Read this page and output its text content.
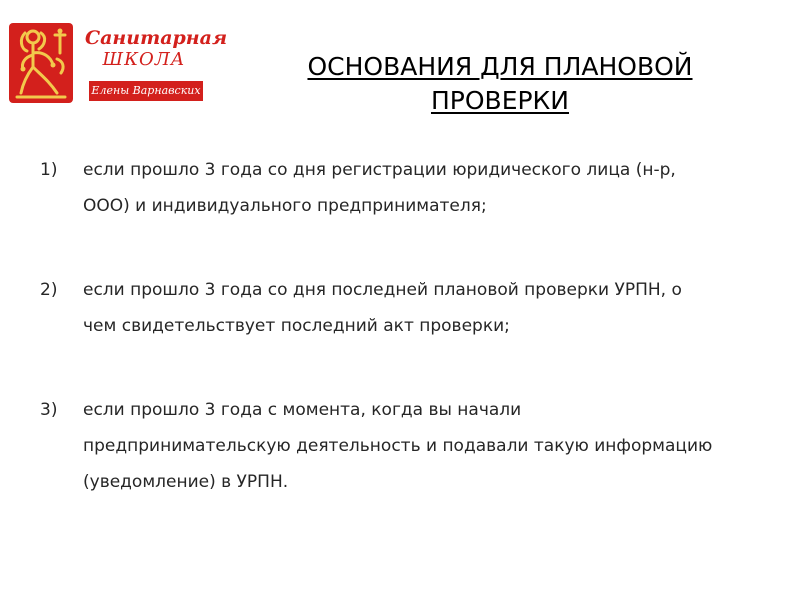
Санитарная
ШКОЛА
Елены Варнавских
ОСНОВАНИЯ ДЛЯ ПЛАНОВОЙ
ПРОВЕРКИ
1)	если прошло 3 года со дня регистрации юридического лица (н-р,
ООО) и индивидуального предпринимателя;
2)	если прошло 3 года со дня последней плановой проверки УРПН, о
чем свидетельствует последний акт проверки;
3)	если прошло 3 года с момента, когда вы начали
предпринимательскую деятельность и подавали такую информацию
(уведомление) в УРПН.
